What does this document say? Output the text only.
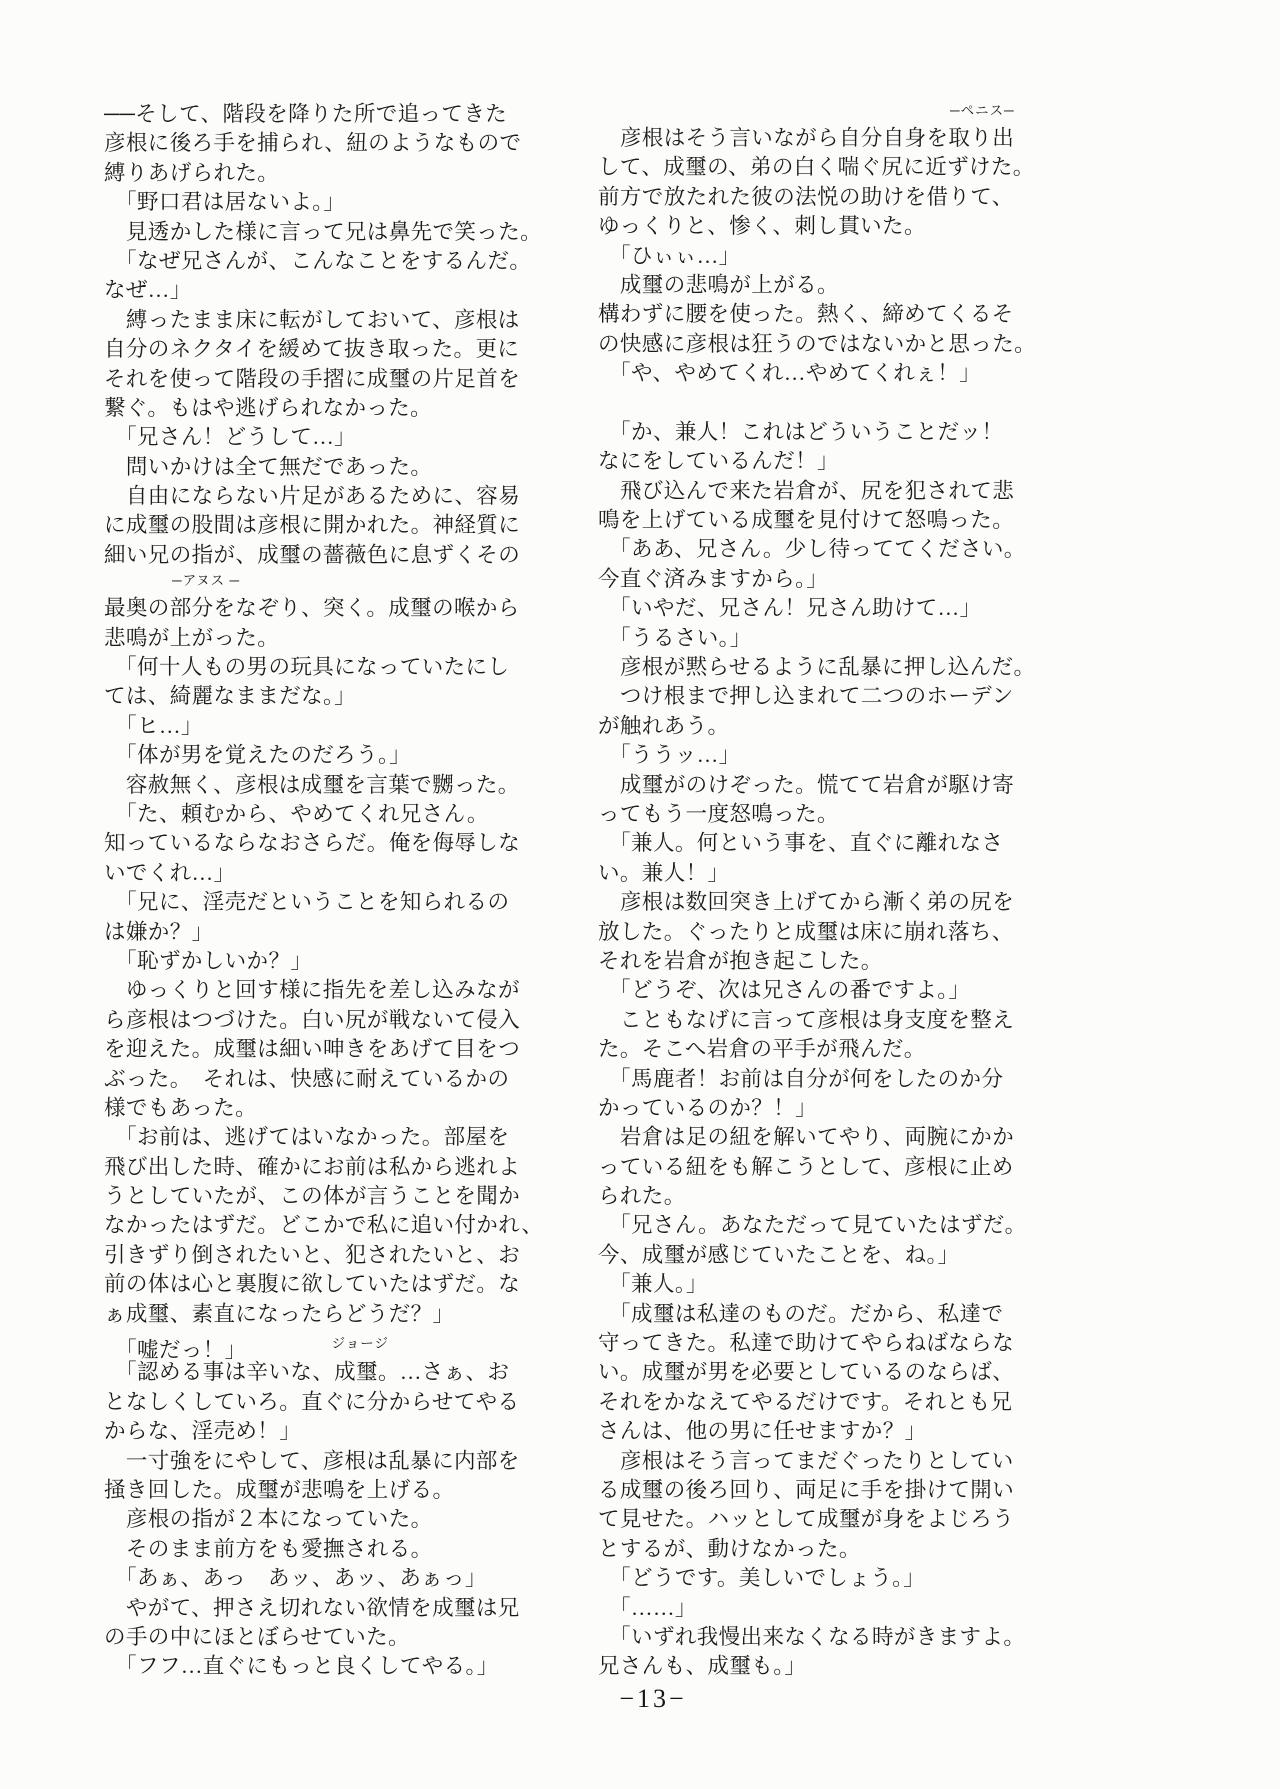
──そして、階段を降りた所で追ってきた
彦根に後ろ手を捕られ、紐のようなもので
縛りあげられた。
　「野口君は居ないよ。」
　見透かした様に言って兄は鼻先で笑った。
　「なぜ兄さんが、こんなことをするんだ。
なぜ…」
　縛ったまま床に転がしておいて、彦根は
自分のネクタイを緩めて抜き取った。更に
それを使って階段の手摺に成璽の片足首を
繋ぐ。もはや逃げられなかった。
　「兄さん！どうして…」
　問いかけは全て無だであった。
　自由にならない片足があるために、容易
に成璽の股間は彦根に開かれた。神経質に
細い兄の指が、成璽の薔薇色に息ずくその
─アヌス ─
最奥の部分をなぞり、突く。成璽の喉から
悲鳴が上がった。
　「何十人もの男の玩具になっていたにし
ては、綺麗なままだな。」
　「ヒ…」
　「体が男を覚えたのだろう。」
　容赦無く、彦根は成璽を言葉で嬲った。
　「た、頼むから、やめてくれ兄さん。
知っているならなおさらだ。俺を侮辱しな
いでくれ…」
　「兄に、淫売だということを知られるの
は嫌か？」
　「恥ずかしいか？」
　ゆっくりと回す様に指先を差し込みなが
ら彦根はつづけた。白い尻が戦ないて侵入
を迎えた。成璽は細い呻きをあげて目をつ
ぶった。　それは、快感に耐えているかの
様でもあった。
　「お前は、逃げてはいなかった。部屋を
飛び出した時、確かにお前は私から逃れよ
うとしていたが、この体が言うことを聞か
なかったはずだ。どこかで私に追い付かれ、
引きずり倒されたいと、犯されたいと、お
前の体は心と裏腹に欲していたはずだ。な
ぁ成璽、素直になったらどうだ？」
　「嘘だっ！」	$^{ジョージ}$
　「認める事は辛いな、成璽。…さぁ、お
となしくしていろ。直ぐに分からせてやる
からな、淫売め！」
　一寸強をにやして、彦根は乱暴に内部を
掻き回した。成璽が悲鳴を上げる。
　彦根の指が２本になっていた。
　そのまま前方をも愛撫される。
　「あぁ、あっ　あッ、あッ、あぁっ」
　やがて、押さえ切れない欲情を成璽は兄
の手の中にほとぼらせていた。
　「フフ…直ぐにもっと良くしてやる。」
─ペニス─
　彦根はそう言いながら自分自身を取り出
して、成璽の、弟の白く喘ぐ尻に近ずけた。
前方で放たれた彼の法悦の助けを借りて、
ゆっくりと、惨く、刺し貫いた。
　「ひぃぃ…」
　成璽の悲鳴が上がる。
構わずに腰を使った。熱く、締めてくるそ
の快感に彦根は狂うのではないかと思った。
　「や、やめてくれ…やめてくれぇ！」
　「か、兼人！これはどういうことだッ！
なにをしているんだ！」
　飛び込んで来た岩倉が、尻を犯されて悲
鳴を上げている成璽を見付けて怒鳴った。
　「ああ、兄さん。少し待っててください。
今直ぐ済みますから。」
　「いやだ、兄さん！兄さん助けて…」
　「うるさい。」
　彦根が黙らせるように乱暴に押し込んだ。
　つけ根まで押し込まれて二つのホーデン
が触れあう。
　「ううッ…」
　成璽がのけぞった。慌てて岩倉が駆け寄
ってもう一度怒鳴った。
　「兼人。何という事を、直ぐに離れなさ
い。兼人！」
　彦根は数回突き上げてから漸く弟の尻を
放した。ぐったりと成璽は床に崩れ落ち、
それを岩倉が抱き起こした。
　「どうぞ、次は兄さんの番ですよ。」
　こともなげに言って彦根は身支度を整え
た。そこへ岩倉の平手が飛んだ。
　「馬鹿者！お前は自分が何をしたのか分
かっているのか？！」
　岩倉は足の紐を解いてやり、両腕にかか
っている紐をも解こうとして、彦根に止め
られた。
　「兄さん。あなただって見ていたはずだ。
今、成璽が感じていたことを、ね。」
　「兼人。」
　「成璽は私達のものだ。だから、私達で
守ってきた。私達で助けてやらねばならな
い。成璽が男を必要としているのならば、
それをかなえてやるだけです。それとも兄
さんは、他の男に任せますか？」
　彦根はそう言ってまだぐったりとしてい
る成璽の後ろ回り、両足に手を掛けて開い
て見せた。ハッとして成璽が身をよじろう
とするが、動けなかった。
　「どうです。美しいでしょう。」
　「……」
　「いずれ我慢出来なくなる時がきますよ。
兄さんも、成璽も。」
−13−
